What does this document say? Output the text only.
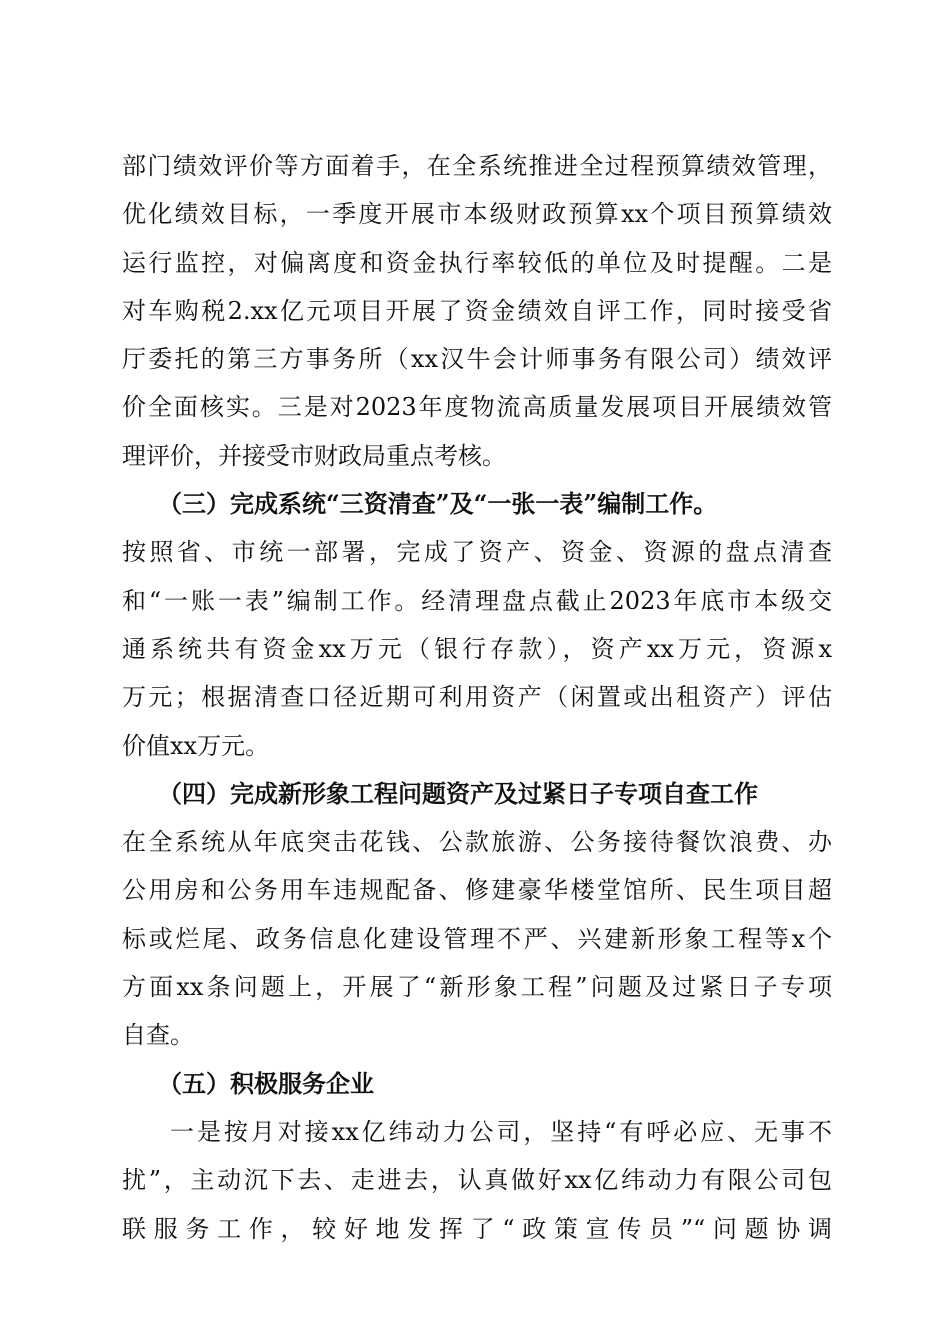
部门绩效评价等方面着手，在全系统推进全过程预算绩效管理，
优化绩效目标，一季度开展市本级财政预算xx个项目预算绩效
运行监控，对偏离度和资金执行率较低的单位及时提醒。二是
对车购税2.xx亿元项目开展了资金绩效自评工作，同时接受省
厅委托的第三方事务所（xx汉牛会计师事务有限公司）绩效评
价全面核实。三是对2023年度物流高质量发展项目开展绩效管
理评价，并接受市财政局重点考核。
（三）完成系统“三资清查”及“一张一表”编制工作。
按照省、市统一部署，完成了资产、资金、资源的盘点清查
和“一账一表”编制工作。经清理盘点截止2023年底市本级交
通系统共有资金xx万元（银行存款），资产xx万元，资源x
万元；根据清查口径近期可利用资产（闲置或出租资产）评估
价值xx万元。
（四）完成新形象工程问题资产及过紧日子专项自查工作
在全系统从年底突击花钱、公款旅游、公务接待餐饮浪费、办
公用房和公务用车违规配备、修建豪华楼堂馆所、民生项目超
标或烂尾、政务信息化建设管理不严、兴建新形象工程等x个
方面xx条问题上，开展了“新形象工程”问题及过紧日子专项
自查。
（五）积极服务企业
一是按月对接xx亿纬动力公司，坚持“有呼必应、无事不
扰”，主动沉下去、走进去，认真做好xx亿纬动力有限公司包
联服务工作，较好地发挥了“政策宣传员”“问题协调
